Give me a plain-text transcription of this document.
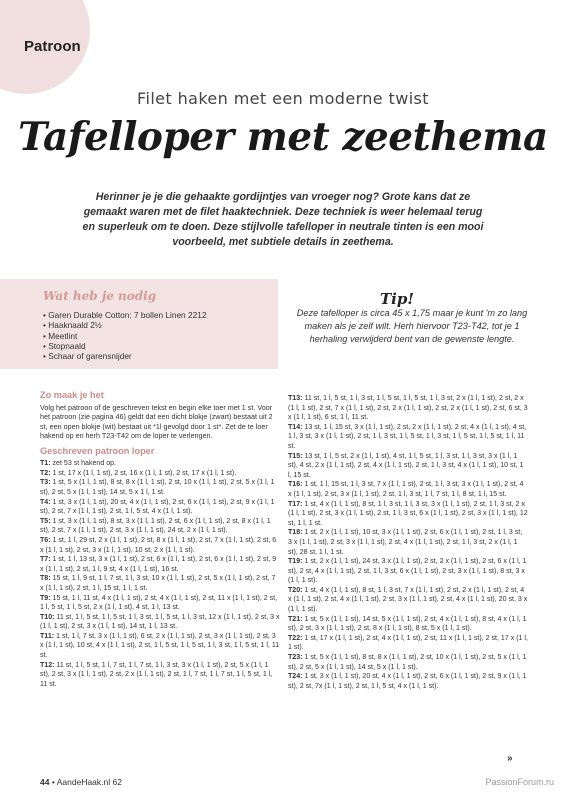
Patroon
Filet haken met een moderne twist
Tafelloper met zeethema
Herinner je je die gehaakte gordijntjes van vroeger nog? Grote kans dat ze gemaakt waren met de filet haaktechniek. Deze techniek is weer helemaal terug en superleuk om te doen. Deze stijlvolle tafelloper in neutrale tinten is een mooi voorbeeld, met subtiele details in zeethema.
Wat heb je nodig
• Garen Durable Cotton: 7 bollen Linen 2212
• Haaknaald 2½
• Meetlint
• Stopnaald
• Schaar of garensnijder
Tip!
Deze tafelloper is circa 45 x 1,75 maar je kunt 'm zo lang maken als je zelf wilt. Herh hiervoor T23-T42, tot je 1 herhaling verwijderd bent van de gewenste lengte.
Zo maak je het
Volg het patroon of de geschreven tekst en begin elke toer met 1 st. Voor het patroon (zie pagina 46) geldt dat een dicht blokje (zwart) bestaat uit 2 st, een open blokje (wit) bestaat uit *1l gevolgd door 1 st*. Zet de te loer hakend op en herh T23-T42 om de loper te verlengen.
Geschreven patroon loper
T1: zet 53 st hakend op.
T2: 1 st, 17 x (1 l, 1 st), 2 st, 16 x (1 l, 1 st), 2 st, 17 x (1 l, 1 st).
T3: 1 st, 5 x (1 l, 1 st), 8 st, 8 x (1 l, 1 st), 2 st, 10 x (1 l, 1 st), 2 st, 5 x (1 l, 1 st), 2 st, 5 x (1 l, 1 st), 14 st, 5 x 1 l, 1 st.
T4: 1 st, 3 x (1 l, 1 st), 20 st, 4 x (1 l, 1 st), 2 st, 6 x (1 l, 1 st), 2 st, 9 x (1 l, 1 st), 2 st, 7 x (1 l, 1 st), 2 st, 1 l, 5 st, 4 x (1 l, 1 st).
T5: 1 st, 3 x (1 l, 1 st), 8 st, 3 x (1 l, 1 st), 2 st, 6 x (1 l, 1 st), 2 st, 8 x (1 l, 1 st), 2 st, 7 x (1 l, 1 st), 2 st, 3 x (1 l, 1 st), 24 st, 2 x (1 l, 1 st).
T6: 1 st, 1 l, 29 st, 2 x (1 l, 1 st), 2 st, 8 x (1 l, 1 st), 2 st, 7 x (1 l, 1 st), 2 st, 6 x (1 l, 1 st), 2 st, 3 x (1 l, 1 st), 10 st, 2 x (1 l, 1 st).
T7: 1 st, 1 l, 13 st, 3 x (1 l, 1 st), 2 st, 6 x (1 l, 1 st), 2 st, 6 x (1 l, 1 st), 2 st, 9 x (1 l, 1 st), 2 st, 1 l, 9 st, 4 x (1 l, 1 st), 16 st.
T8: 15 st, 1 l, 9 st, 1 l, 7 st, 1 l, 3 st, 10 x (1 l, 1 st), 2 st, 5 x (1 l, 1 st), 2 st, 7 x (1 l, 1 st), 2 st, 1 l, 15 st, 1 l, 1 st.
T9: 15 st, 1 l, 11 st, 4 x (1 l, 1 st), 2 st, 4 x (1 l, 1 st), 2 st, 11 x (1 l, 1 st), 2 st, 1 l, 5 st, 1 l, 5 st, 2 x (1 l, 1 st), 4 st, 1 l, 13 st.
T10: 11 st, 1 l, 5 st, 1 l, 5 st, 1 l, 3 st, 1 l, 5 st, 1 l, 3 st, 12 x (1 l, 1 st), 2 st, 3 x (1 l, 1 st), 2 st, 3 x (1 l, 1 st), 14 st, 1 l, 13 st.
T11: 1 st, 1 l, 7 st, 3 x (1 l, 1 st), 6 st, 2 x (1 l, 1 st), 2 st, 3 x (1 l, 1 st), 2 st, 3 x (1 l, 1 st), 10 st, 4 x (1 l, 1 st), 2 st, 1 l, 5 st, 1 l, 5 st, 1 l, 3 st, 1 l, 5 st, 1 l, 11 st.
T12: 11 st, 1 l, 5 st, 1 l, 7 st, 1 l, 7 st, 1 l, 3 st, 3 x (1 l, 1 st), 2 st, 5 x (1 l, 1 st), 2 st, 3 x (1 l, 1 st), 2 st, 2 x (1 l, 1 st), 2 st, 1 l, 7 st, 1 l, 7 st, 1 l, 5 st, 1 l, 11 st.
T13: 11 st, 1 l, 5 st, 1 l, 3 st, 1 l, 5 st, 1 l, 5 st, 1 l, 3 st, 2 x (1 l, 1 st), 2 st, 2 x (1 l, 1 st), 2 st, 7 x (1 l, 1 st), 2 st, 2 x (1 l, 1 st), 2 st, 2 x (1 l, 1 st), 2 st, 6 st, 3 x (1 l, 1 st), 6 st, 1 l, 11 st.
T14: 13 st, 1 l, 15 st, 3 x (1 l, 1 st), 2 st, 2 x (1 l, 1 st), 2 st, 4 x (1 l, 1 st), 4 st, 1 l, 3 st, 3 x (1 l, 1 st), 2 st, 1 l, 3 st, 1 l, 5 st, 1 l, 3 st, 1 l, 5 st, 1 l, 5 st, 1 l, 11 st.
T15: 13 st, 1 l, 5 st, 2 x (1 l, 1 st), 4 st, 1 l, 5 st, 1 l, 3 st, 1 l, 3 st, 3 x (1 l, 1 st), 4 st, 2 x (1 l, 1 st), 2 st, 4 x (1 l, 1 st), 2 st, 1 l, 3 st, 4 x (1 l, 1 st), 10 st, 1 l, 15 st.
T16: 1 st, 1 l, 15 st, 1 l, 3 st, 7 x (1 l, 1 st), 2 st, 1 l, 3 st, 3 x (1 l, 1 st), 2 st, 4 x (1 l, 1 st), 2 st, 3 x (1 l, 1 st), 2 st, 1 l, 3 st, 1 l, 7 st, 1 l, 8 st, 1 l, 15 st.
T17: 1 st, 4 x (1 l, 1 st), 8 st, 1 l, 3 st, 1 l, 3 st, 3 x (1 l, 1 st), 2 st, 1 l, 3 st, 2 x (1 l, 1 st), 2 st, 3 x (1 l, 1 st), 2 st, 1 l, 3 st, 6 x (1 l, 1 st), 2 st, 3 x (1 l, 1 st), 12 st, 1 l, 1 st.
T18: 1 st, 2 x (1 l, 1 st), 10 st, 3 x (1 l, 1 st), 2 st, 6 x (1 l, 1 st), 2 st, 1 l, 3 st, 3 x (1 l, 1 st), 2 st, 3 x (1 l, 1 st), 2 st, 4 x (1 l, 1 st), 2 st, 1 l, 3 st, 2 x (1 l, 1 st), 28 st, 1 l, 1 st.
T19: 1 st, 2 x (1 l, 1 st), 24 st, 3 x (1 l, 1 st), 2 st, 2 x (1 l, 1 st), 2 st, 6 x (1 l, 1 st), 2 st, 4 x (1 l, 1 st), 2 st, 1 l, 3 st, 6 x (1 l, 1 st), 2 st, 3 x (1 l, 1 st), 8 st, 3 x (1 l, 1 st).
T20: 1 st, 4 x (1 l, 1 st), 8 st, 1 l, 3 st, 7 x (1 l, 1 st), 2 st, 2 x (1 l, 1 st), 2 st, 4 x (1 l, 1 st), 2 st, 4 x (1 l, 1 st), 2 st, 3 x (1 l, 1 st), 2 st, 4 x (1 l, 1 st), 20 st, 3 x (1 l, 1 st).
T21: 1 st, 5 x (1 l, 1 st), 14 st, 5 x (1 l, 1 st), 2 st, 4 x (1 l, 1 st), 8 st, 4 x (1 l, 1 st), 2 st, 3 x (1 l, 1 st), 2 st, 8 x (1 l, 1 st), 8 st, 5 x (1 l, 1 st).
T22: 1 st, 17 x (1 l, 1 st), 2 st, 4 x (1 l, 1 st), 2 st, 11 x (1 l, 1 st), 2 st, 17 x (1 l, 1 st).
T23: 1 st, 5 x (1 l, 1 st), 8 st, 8 x (1 l, 1 st), 2 st, 10 x (1 l, 1 st), 2 st, 5 x (1 l, 1 st), 2 st, 5 x (1 l, 1 st), 14 st, 5 x (1 l, 1 st).
T24: 1 st, 3 x (1 l, 1 st), 20 st, 4 x (1 l, 1 st), 2 st, 6 x (1 l, 1 st), 2 st, 9 x (1 l, 1 st), 2 st, 7x (1 l, 1 st), 2 st, 1 l, 5 st, 4 x (1 l, 1 st).
»
44 • AandeHaak.nl 62	PassionForum.ru
